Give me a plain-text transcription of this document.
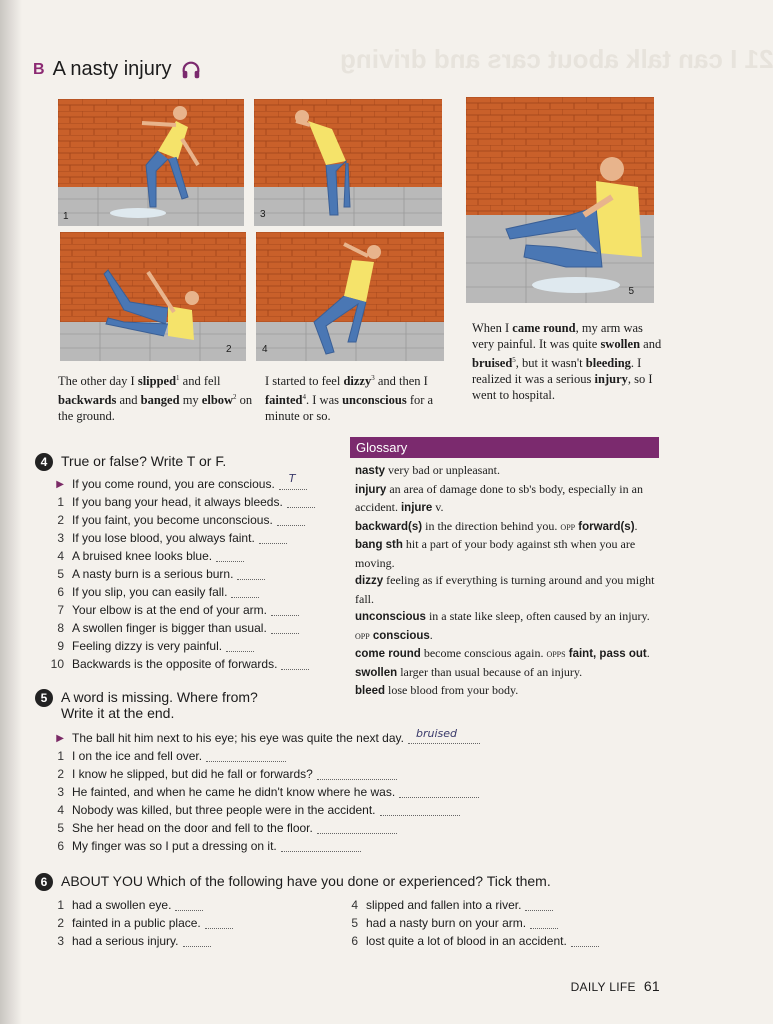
21 I can talk about cars and driving
B A nasty injury
1	3
2	4
5
The other day I slipped$^1$ and fell backwards and banged my elbow$^2$ on the ground.
I started to feel dizzy$^3$ and then I fainted$^4$. I was unconscious for a minute or so.
When I came round, my arm was very painful. It was quite swollen and bruised$^5$, but it wasn't bleeding. I realized it was a serious injury, so I went to hospital.
4 True or false? Write T or F.
▶ If you come round, you are conscious. T
1 If you bang your head, it always bleeds.
2 If you faint, you become unconscious.
3 If you lose blood, you always faint.
4 A bruised knee looks blue.
5 A nasty burn is a serious burn.
6 If you slip, you can easily fall.
7 Your elbow is at the end of your arm.
8 A swollen finger is bigger than usual.
9 Feeling dizzy is very painful.
10 Backwards is the opposite of forwards.
Glossary

nasty very bad or unpleasant.

injury an area of damage done to sb's body, especially in an accident. injure v.

backward(s) in the direction behind you. OPP forward(s).

bang sth hit a part of your body against sth when you are moving.

dizzy feeling as if everything is turning around and you might fall.

unconscious in a state like sleep, often caused by an injury. OPP conscious.

come round become conscious again. OPPS faint, pass out.

swollen larger than usual because of an injury.

bleed lose blood from your body.

5 A word is missing. Where from?
Write it at the end.
▶ The ball hit him next to his eye; his eye was quite the next day. bruised
1 I on the ice and fell over.
2 I know he slipped, but did he fall or forwards?
3 He fainted, and when he came he didn't know where he was.
4 Nobody was killed, but three people were in the accident.
5 She her head on the door and fell to the floor.
6 My finger was so I put a dressing on it.
6 ABOUT YOU Which of the following have you done or experienced? Tick them.
1 had a swollen eye.
2 fainted in a public place.
3 had a serious injury.
4 slipped and fallen into a river.
5 had a nasty burn on your arm.
6 lost quite a lot of blood in an accident.
DAILY LIFE 61
